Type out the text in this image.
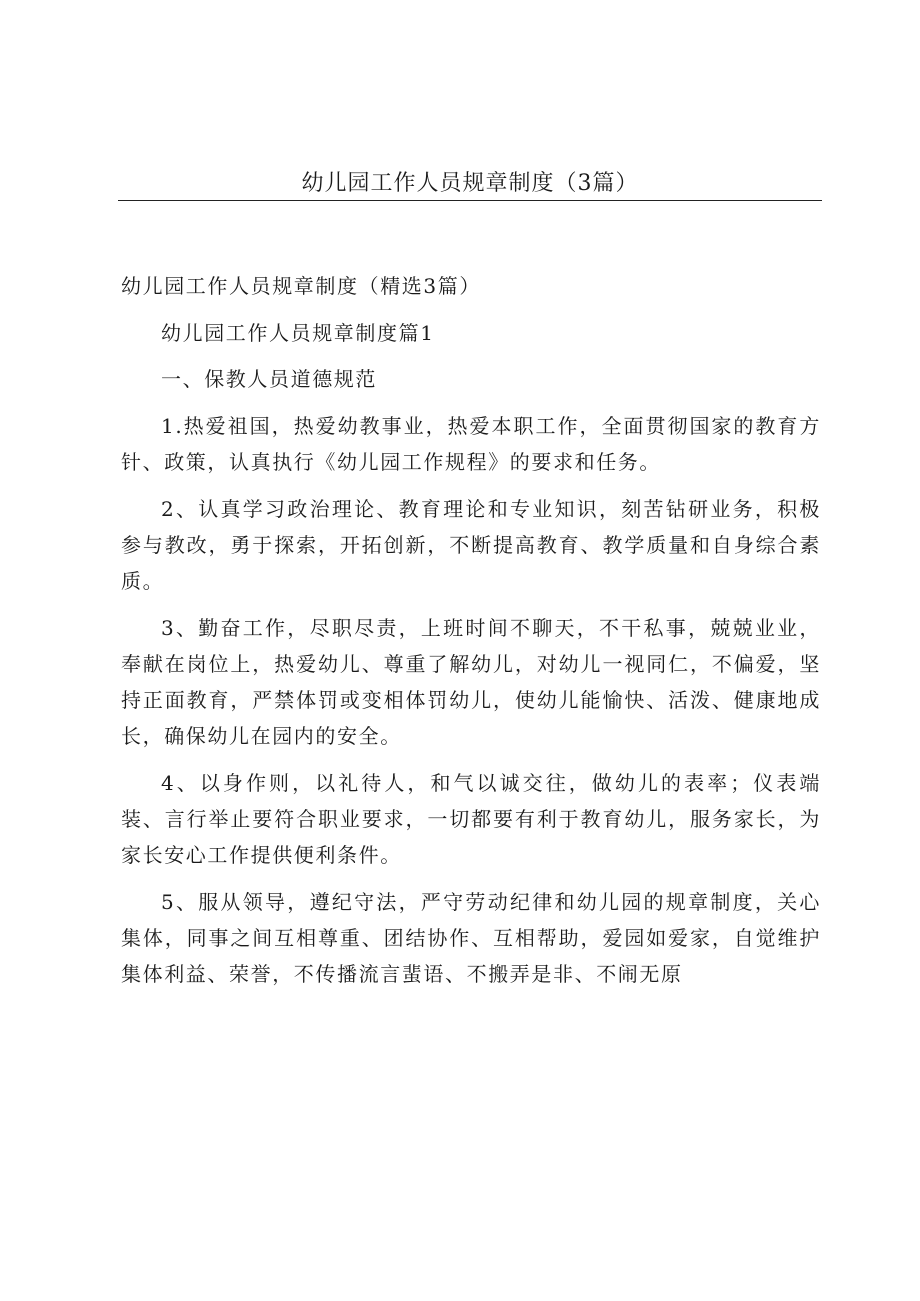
幼儿园工作人员规章制度（3篇）

幼儿园工作人员规章制度（精选3篇）

幼儿园工作人员规章制度篇1

一、保教人员道德规范

1.热爱祖国，热爱幼教事业，热爱本职工作，全面贯彻国家的教育方针、政策，认真执行《幼儿园工作规程》的要求和任务。

2、认真学习政治理论、教育理论和专业知识，刻苦钻研业务，积极参与教改，勇于探索，开拓创新，不断提高教育、教学质量和自身综合素质。

3、勤奋工作，尽职尽责，上班时间不聊天，不干私事，兢兢业业，奉献在岗位上，热爱幼儿、尊重了解幼儿，对幼儿一视同仁，不偏爱，坚持正面教育，严禁体罚或变相体罚幼儿，使幼儿能愉快、活泼、健康地成长，确保幼儿在园内的安全。

4、以身作则，以礼待人，和气以诚交往，做幼儿的表率；仪表端装、言行举止要符合职业要求，一切都要有利于教育幼儿，服务家长，为家长安心工作提供便利条件。

5、服从领导，遵纪守法，严守劳动纪律和幼儿园的规章制度，关心集体，同事之间互相尊重、团结协作、互相帮助，爱园如爱家，自觉维护集体利益、荣誉，不传播流言蜚语、不搬弄是非、不闹无原
